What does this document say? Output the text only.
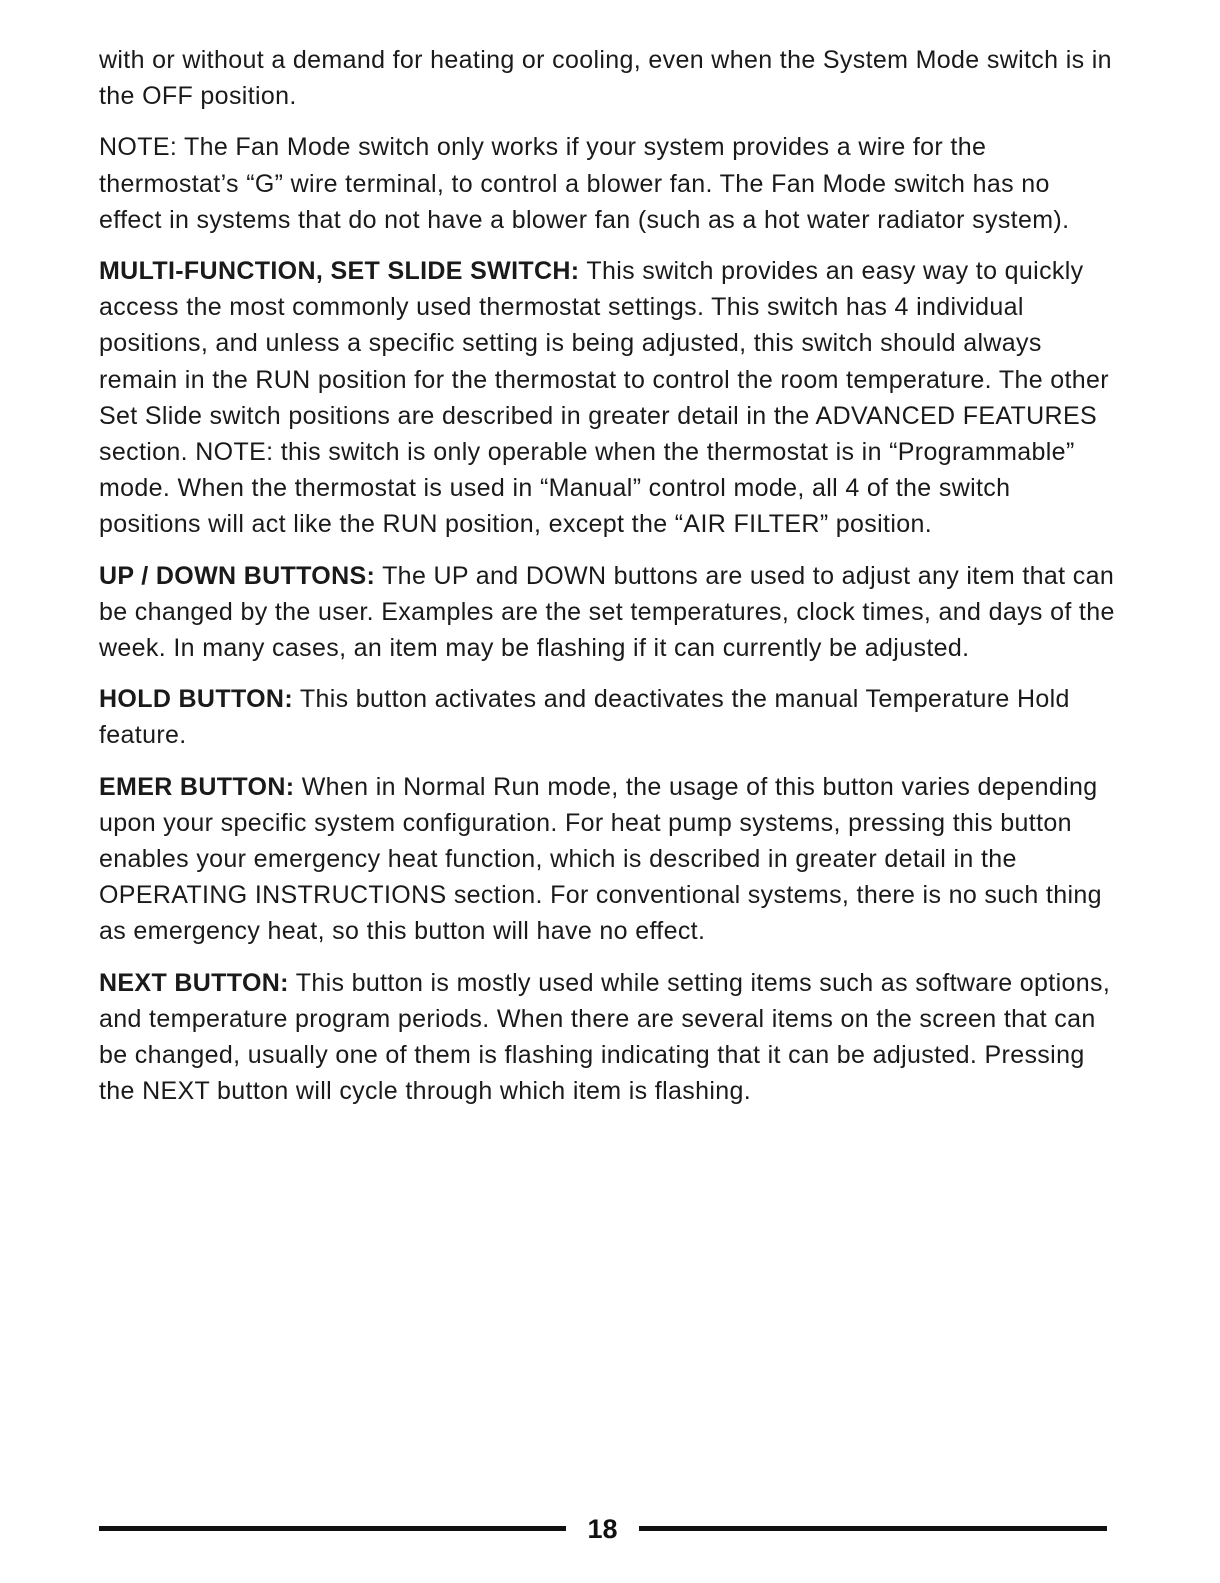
with or without a demand for heating or cooling, even when the System Mode switch is in the OFF position.

NOTE: The Fan Mode switch only works if your system provides a wire for the thermostat’s “G” wire terminal, to control a blower fan. The Fan Mode switch has no effect in systems that do not have a blower fan (such as a hot water radiator system).

MULTI-FUNCTION, SET SLIDE SWITCH: This switch provides an easy way to quickly access the most commonly used thermostat settings. This switch has 4 individual positions, and unless a specific setting is being adjusted, this switch should always remain in the RUN position for the thermostat to control the room temperature. The other Set Slide switch positions are described in greater detail in the ADVANCED FEATURES section. NOTE: this switch is only operable when the thermostat is in “Programmable” mode. When the thermostat is used in “Manual” control mode, all 4 of the switch positions will act like the RUN position, except the “AIR FILTER” position.

UP / DOWN BUTTONS: The UP and DOWN buttons are used to adjust any item that can be changed by the user. Examples are the set temperatures, clock times, and days of the week. In many cases, an item may be flashing if it can currently be adjusted.

HOLD BUTTON: This button activates and deactivates the manual Temperature Hold feature.

EMER BUTTON: When in Normal Run mode, the usage of this button varies depending upon your specific system configuration. For heat pump systems, pressing this button enables your emergency heat function, which is described in greater detail in the OPERATING INSTRUCTIONS section. For conventional systems, there is no such thing as emergency heat, so this button will have no effect.

NEXT BUTTON: This button is mostly used while setting items such as software options, and temperature program periods. When there are several items on the screen that can be changed, usually one of them is flashing indicating that it can be adjusted. Pressing the NEXT button will cycle through which item is flashing.

18
